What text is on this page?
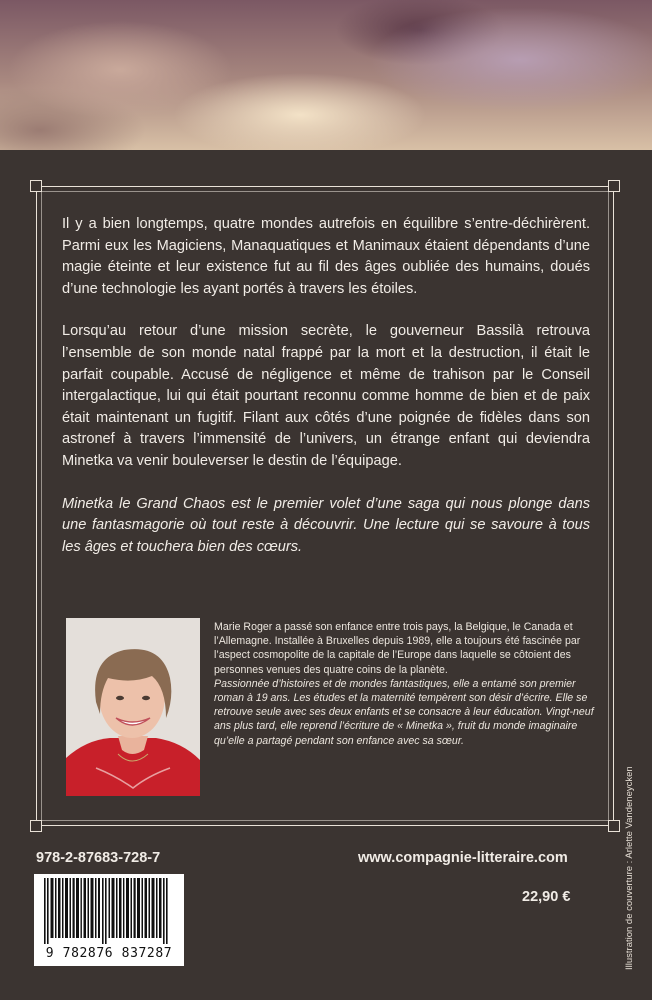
Il y a bien longtemps, quatre mondes autrefois en équilibre s’entre-déchirèrent. Parmi eux les Magiciens, Manaquatiques et Manimaux étaient dépendants d’une magie éteinte et leur existence fut au fil des âges oubliée des humains, doués d’une technologie les ayant portés à travers les étoiles.

Lorsqu’au retour d’une mission secrète, le gouverneur Bassilà retrouva l’ensemble de son monde natal frappé par la mort et la destruction, il était le parfait coupable. Accusé de négligence et même de trahison par le Conseil intergalactique, lui qui était pourtant reconnu comme homme de bien et de paix était maintenant un fugitif. Filant aux côtés d’une poignée de fidèles dans son astronef à travers l’immensité de l’univers, un étrange enfant qui deviendra Minetka va venir bouleverser le destin de l’équipage.

Minetka le Grand Chaos est le premier volet d’une saga qui nous plonge dans une fantasmagorie où tout reste à découvrir. Une lecture qui se savoure à tous les âges et touchera bien des cœurs.

Marie Roger a passé son enfance entre trois pays, la Belgique, le Canada et l’Allemagne. Installée à Bruxelles depuis 1989, elle a toujours été fascinée par l’aspect cosmopolite de la capitale de l’Europe dans laquelle se côtoient des personnes venues des quatre coins de la planète.

Passionnée d’histoires et de mondes fantastiques, elle a entamé son premier roman à 19 ans. Les études et la maternité tempèrent son désir d’écrire. Elle se retrouve seule avec ses deux enfants et se consacre à leur éducation. Vingt-neuf ans plus tard, elle reprend l’écriture de « Minetka », fruit du monde imaginaire qu’elle a partagé pendant son enfance avec sa sœur.

978-2-87683-728-7	www.compagnie-litteraire.com
22,90 €
9 782876 837287	Illustration de couverture : Arlette Vandeneycken
